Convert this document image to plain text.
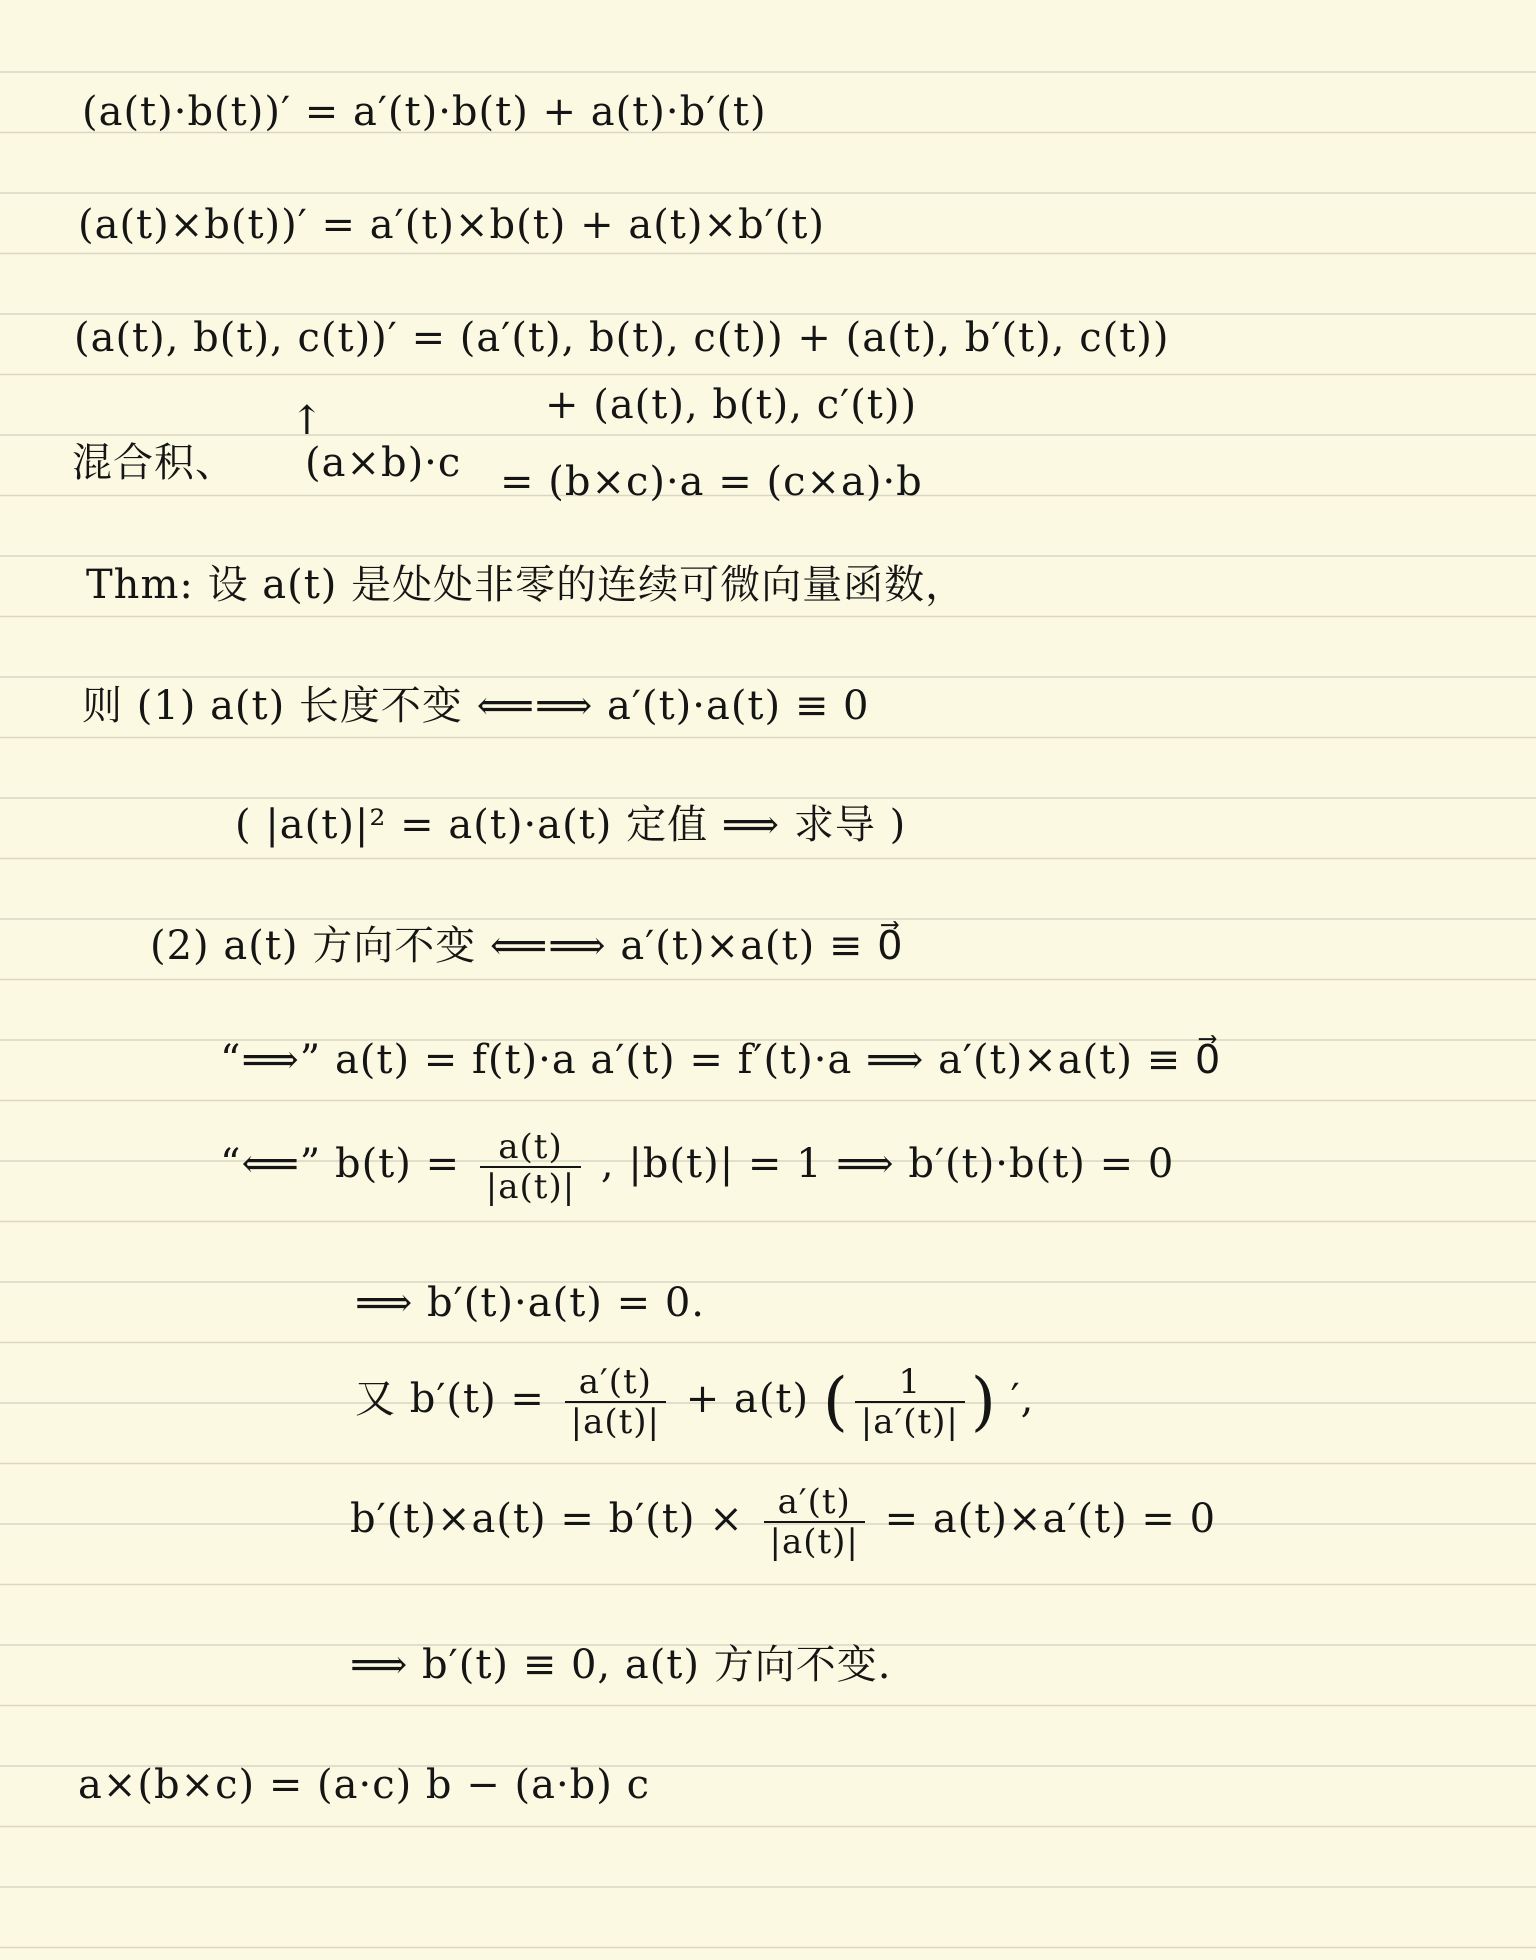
(a(t)·b(t))′ = a′(t)·b(t) + a(t)·b′(t)
(a(t)×b(t))′ = a′(t)×b(t) + a(t)×b′(t)
(a(t), b(t), c(t))′ = (a′(t), b(t), c(t)) + (a(t), b′(t), c(t))
+ (a(t), b(t), c′(t))
↑
混合积、 (a×b)·c = (b×c)·a = (c×a)·b
Thm: 设 a(t) 是处处非零的连续可微向量函数，
则 (1) a(t) 长度不变 ⟸⟹ a′(t)·a(t) ≡ 0
( |a(t)|² = a(t)·a(t) 定值 ⟹ 求导 )
(2) a(t) 方向不变 ⟸⟹ a′(t)×a(t) ≡ 0⃗
“⟹” a(t) = f(t)·a a′(t) = f′(t)·a ⟹ a′(t)×a(t) ≡ 0⃗
“⟸” $b(t) = \frac{a(t)}{|a(t)|}$ , |b(t)| = 1 ⟹ b′(t)·b(t) = 0
⟹ b′(t)·a(t) = 0.
又 $b'(t) = \frac{a'(t)}{|a(t)|} + a(t)$ ( $\frac{1}{|a'(t)|}$ ) ′,
$b'(t)\times a(t) = b'(t) \times \frac{a'(t)}{|a(t)|} = a(t)\times a'(t) = 0$
⟹ b′(t) ≡ 0, a(t) 方向不变.
a×(b×c) = (a·c) b − (a·b) c
